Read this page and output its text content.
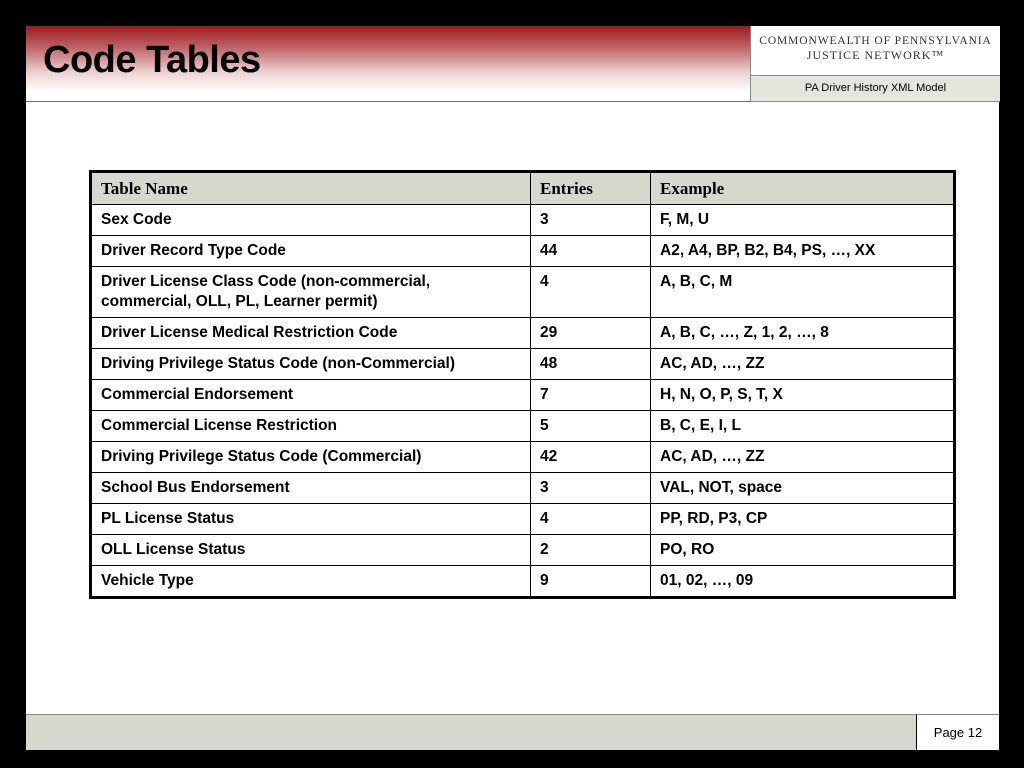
Code Tables	COMMONWEALTH OF PENNSYLVANIA
JUSTICE NETWORK™
PA Driver History XML Model
Table Name	Entries	Example
Sex Code	3	F, M, U
Driver Record Type Code	44	A2, A4, BP, B2, B4, PS, …, XX
Driver License Class Code (non-commercial, commercial, OLL, PL, Learner permit)	4	A, B, C, M
Driver License Medical Restriction Code	29	A, B, C, …, Z, 1, 2, …, 8
Driving Privilege Status Code (non-Commercial)	48	AC, AD, …, ZZ
Commercial Endorsement	7	H, N, O, P, S, T, X
Commercial License Restriction	5	B, C, E, I, L
Driving Privilege Status Code (Commercial)	42	AC, AD, …, ZZ
School Bus Endorsement	3	VAL, NOT, space
PL License Status	4	PP, RD, P3, CP
OLL License Status	2	PO, RO
Vehicle Type	9	01, 02, …, 09
Page 12
